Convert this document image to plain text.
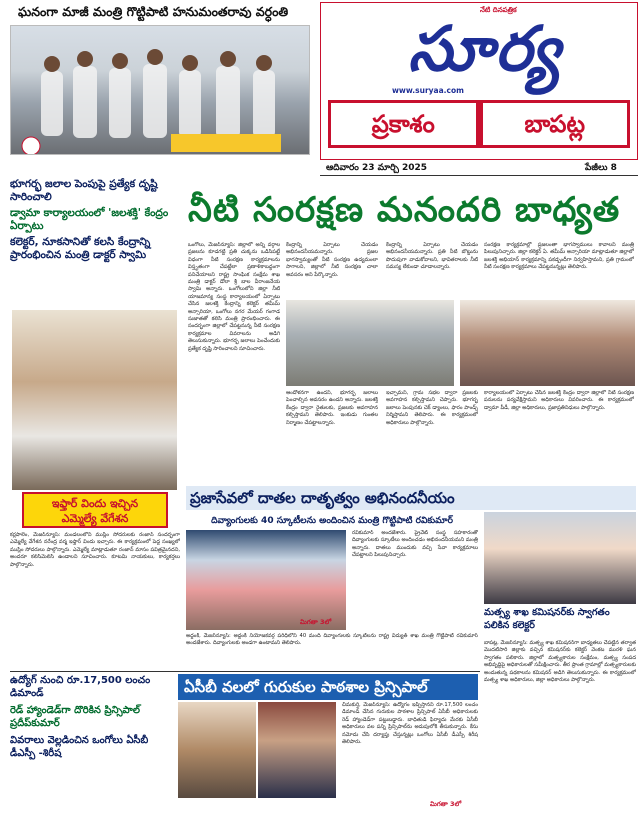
ఘనంగా మాజీ మంత్రి గొట్టిపాటి హనుమంతరావు వర్ధంతి	నేటి దినపత్రిక
సూర్య
www.suryaa.com
ప్రకాశం	బాపట్ల
ఆదివారం 23 మార్చి 2025	పేజీలు 8
భూగర్భ జలాల పెంపుపై ప్రత్యేక దృష్టి సారించాలి
డ్వామా కార్యాలయంలో 'జలశక్తి' కేంద్రం ఏర్పాటు
కలెక్టర్, నూకసానితో కలసి కేంద్రాన్ని ప్రారంభించిన మంత్రి డాక్టర్ స్వామి
నీటి సంరక్షణ మనందరి బాధ్యత
ఒంగోలు, మేజర్‌న్యూస్: జిల్లాలో అన్ని వర్గాల ప్రజలను కూడగట్టి ప్రతి చుక్కను ఒడిసిపట్టే విధంగా నీటి సంరక్షణ కార్యక్రమాలను విస్తృతంగా చేపట్టేలా ప్రణాళికాబద్ధంగా పనిచేయాలని రాష్ట్ర సాంఘిక సంక్షేమ శాఖ మంత్రి డాక్టర్ డోలా శ్రీ బాల వీరాంజనేయ స్వామి అన్నారు. ఒంగోలులోని జిల్లా నీటి యాజమాన్య సంస్థ కార్యాలయంలో ఏర్పాటు చేసిన జలశక్తి కేంద్రాన్ని కలెక్టర్ తమీమ్ అన్సారియా, ఒంగోలు నగర మేయర్ గంగాడ సుజాతతో కలిసి మంత్రి ప్రారంభించారు. ఈ సందర్భంగా జిల్లాలో చేపట్టనున్న నీటి సంరక్షణ కార్యక్రమాల వివరాలను అడిగి తెలుసుకున్నారు. భూగర్భ జలాలు పెంచేందుకు ప్రత్యేక దృష్టి సారించాలని సూచించారు.
కేంద్రాన్ని ఏర్పాటు చేయడం అభినందనీయమన్నారు. ప్రజల భాగస్వామ్యంతో నీటి సంరక్షణ ఉద్యమంలా సాగాలని, జిల్లాలో నీటి సంరక్షణ చాలా అవసరం అని పేర్కొన్నారు.
కేంద్రాన్ని ఏర్పాటు చేయడం అభినందనీయమన్నారు. ప్రతి నీటి బొట్టును పొదుపుగా వాడుకోవాలని, భావితరాలకు నీటి సమస్య లేకుండా చూడాలన్నారు.
సంరక్షణ కార్యక్రమాల్లో ప్రజలంతా భాగస్వాములు కావాలని మంత్రి పిలుపునిచ్చారు. జిల్లా కలెక్టర్ ఏ. తమీమ్ అన్సారియా మాట్లాడుతూ జిల్లాలో జలశక్తి అభియాన్ కార్యక్రమాన్ని పకడ్బందీగా నిర్వహిస్తామని, ప్రతి గ్రామంలో నీటి సంరక్షణ కార్యక్రమాలు చేపట్టనున్నట్లు తెలిపారు.
ఆందోళనగా ఉందని, భూగర్భ జలాలు పెంచాల్సిన అవసరం ఉందని అన్నారు. జలశక్తి కేంద్రం ద్వారా రైతులకు, ప్రజలకు అవగాహన కల్పిస్తామని తెలిపారు. ఇంకుడు గుంతల నిర్మాణం చేపట్టాలన్నారు.
ఇచ్చామని, గ్రామ సభల ద్వారా ప్రజలకు అవగాహన కల్పిస్తామని చెప్పారు. భూగర్భ జలాలు పెంపునకు చెక్ డ్యాంలు, ఫారం పాండ్స్ నిర్మిస్తామని తెలిపారు. ఈ కార్యక్రమంలో అధికారులు పాల్గొన్నారు.
కార్యాలయంలో ఏర్పాటు చేసిన జలశక్తి కేంద్రం ద్వారా జిల్లాలో నీటి సంరక్షణ పనులను పర్యవేక్షిస్తామని అధికారులు వివరించారు. ఈ కార్యక్రమంలో డ్వామా పీడీ, జిల్లా అధికారులు, ప్రజాప్రతినిధులు పాల్గొన్నారు.
ఇఫ్తార్ విందు ఇచ్చిన
ఎమ్మెల్యే వేగేశన
కర్లపాలెం, మేజర్‌న్యూస్: మండలంలోని ముస్లిం సోదరులకు రంజాన్ సందర్భంగా ఎమ్మెల్యే వేగేశన నరేంద్ర వర్మ ఇఫ్తార్ విందు ఇచ్చారు. ఈ కార్యక్రమంలో పెద్ద సంఖ్యలో ముస్లిం సోదరులు పాల్గొన్నారు. ఎమ్మెల్యే మాట్లాడుతూ రంజాన్ మాసం పవిత్రమైనదని, అందరూ కలిసిమెలిసి ఉండాలని సూచించారు. కూటమి నాయకులు, కార్యకర్తలు పాల్గొన్నారు.
ప్రజాసేవలో దాతల దాతృత్వం అభినందనీయం
దివ్యాంగులకు 40 స్కూటీలను అందించిన మంత్రి గొట్టిపాటి రవికుమార్
రవికుమార్ అందజేశారు. ప్రైవేట్ సంస్థ సహకారంతో దివ్యాంగులకు స్కూటీలు అందించడం అభినందనీయమని మంత్రి అన్నారు. దాతలు ముందుకు వచ్చి సేవా కార్యక్రమాలు చేపట్టాలని పిలుపునిచ్చారు.
అద్దంకి, మేజర్‌న్యూస్: అద్దంకి నియోజకవర్గ పరిధిలోని 40 మంది దివ్యాంగులకు స్కూటీలను రాష్ట్ర విద్యుత్ శాఖ మంత్రి గొట్టిపాటి రవికుమార్ అందజేశారు. దివ్యాంగులకు అండగా ఉంటామని తెలిపారు.
మిగతా 3లో
మత్స్య శాఖ కమిషనర్‌కు స్వాగతం పలికిన కలెక్టర్
బాపట్ల, మేజర్‌న్యూస్: మత్స్య శాఖ కమిషనర్‌గా బాధ్యతలు చేపట్టిన తర్వాత మొదటిసారి జిల్లాకు వచ్చిన కమిషనర్‌కు కలెక్టర్ వెంకట మురళి ఘన స్వాగతం పలికారు. జిల్లాలో మత్స్యకారుల సంక్షేమం, మత్స్య సంపద అభివృద్ధిపై అధికారులతో సమీక్షించారు. తీర ప్రాంత గ్రామాల్లో మత్స్యకారులకు అందుతున్న పథకాలను కమిషనర్ అడిగి తెలుసుకున్నారు. ఈ కార్యక్రమంలో మత్స్య శాఖ అధికారులు, జిల్లా అధికారులు పాల్గొన్నారు.
ఉద్యోగ్ నుంచి రూ.17,500 లంచం డిమాండ్
రెడ్ హ్యాండెడ్‌గా దొరికిన ప్రిన్సిపాల్ ప్రదీప్‌కుమార్
వివరాలు వెల్లడించిన ఒంగోలు ఏసీబీ డీఎస్పీ -శిరీష
ఏసీబీ వలలో గురుకుల పాఠశాల ప్రిన్సిపాల్
చీమకుర్తి, మేజర్‌న్యూస్: ఉద్యోగం ఇప్పిస్తానని రూ.17,500 లంచం డిమాండ్ చేసిన గురుకుల పాఠశాల ప్రిన్సిపాల్ ఏసీబీ అధికారులకు రెడ్ హ్యాండెడ్‌గా పట్టుబడ్డారు. బాధితుడి ఫిర్యాదు మేరకు ఏసీబీ అధికారులు వల పన్ని ప్రిన్సిపాల్‌ను అదుపులోకి తీసుకున్నారు. కేసు నమోదు చేసి దర్యాప్తు చేస్తున్నట్లు ఒంగోలు ఏసీబీ డీఎస్పీ శిరీష తెలిపారు.
మిగతా 3లో
